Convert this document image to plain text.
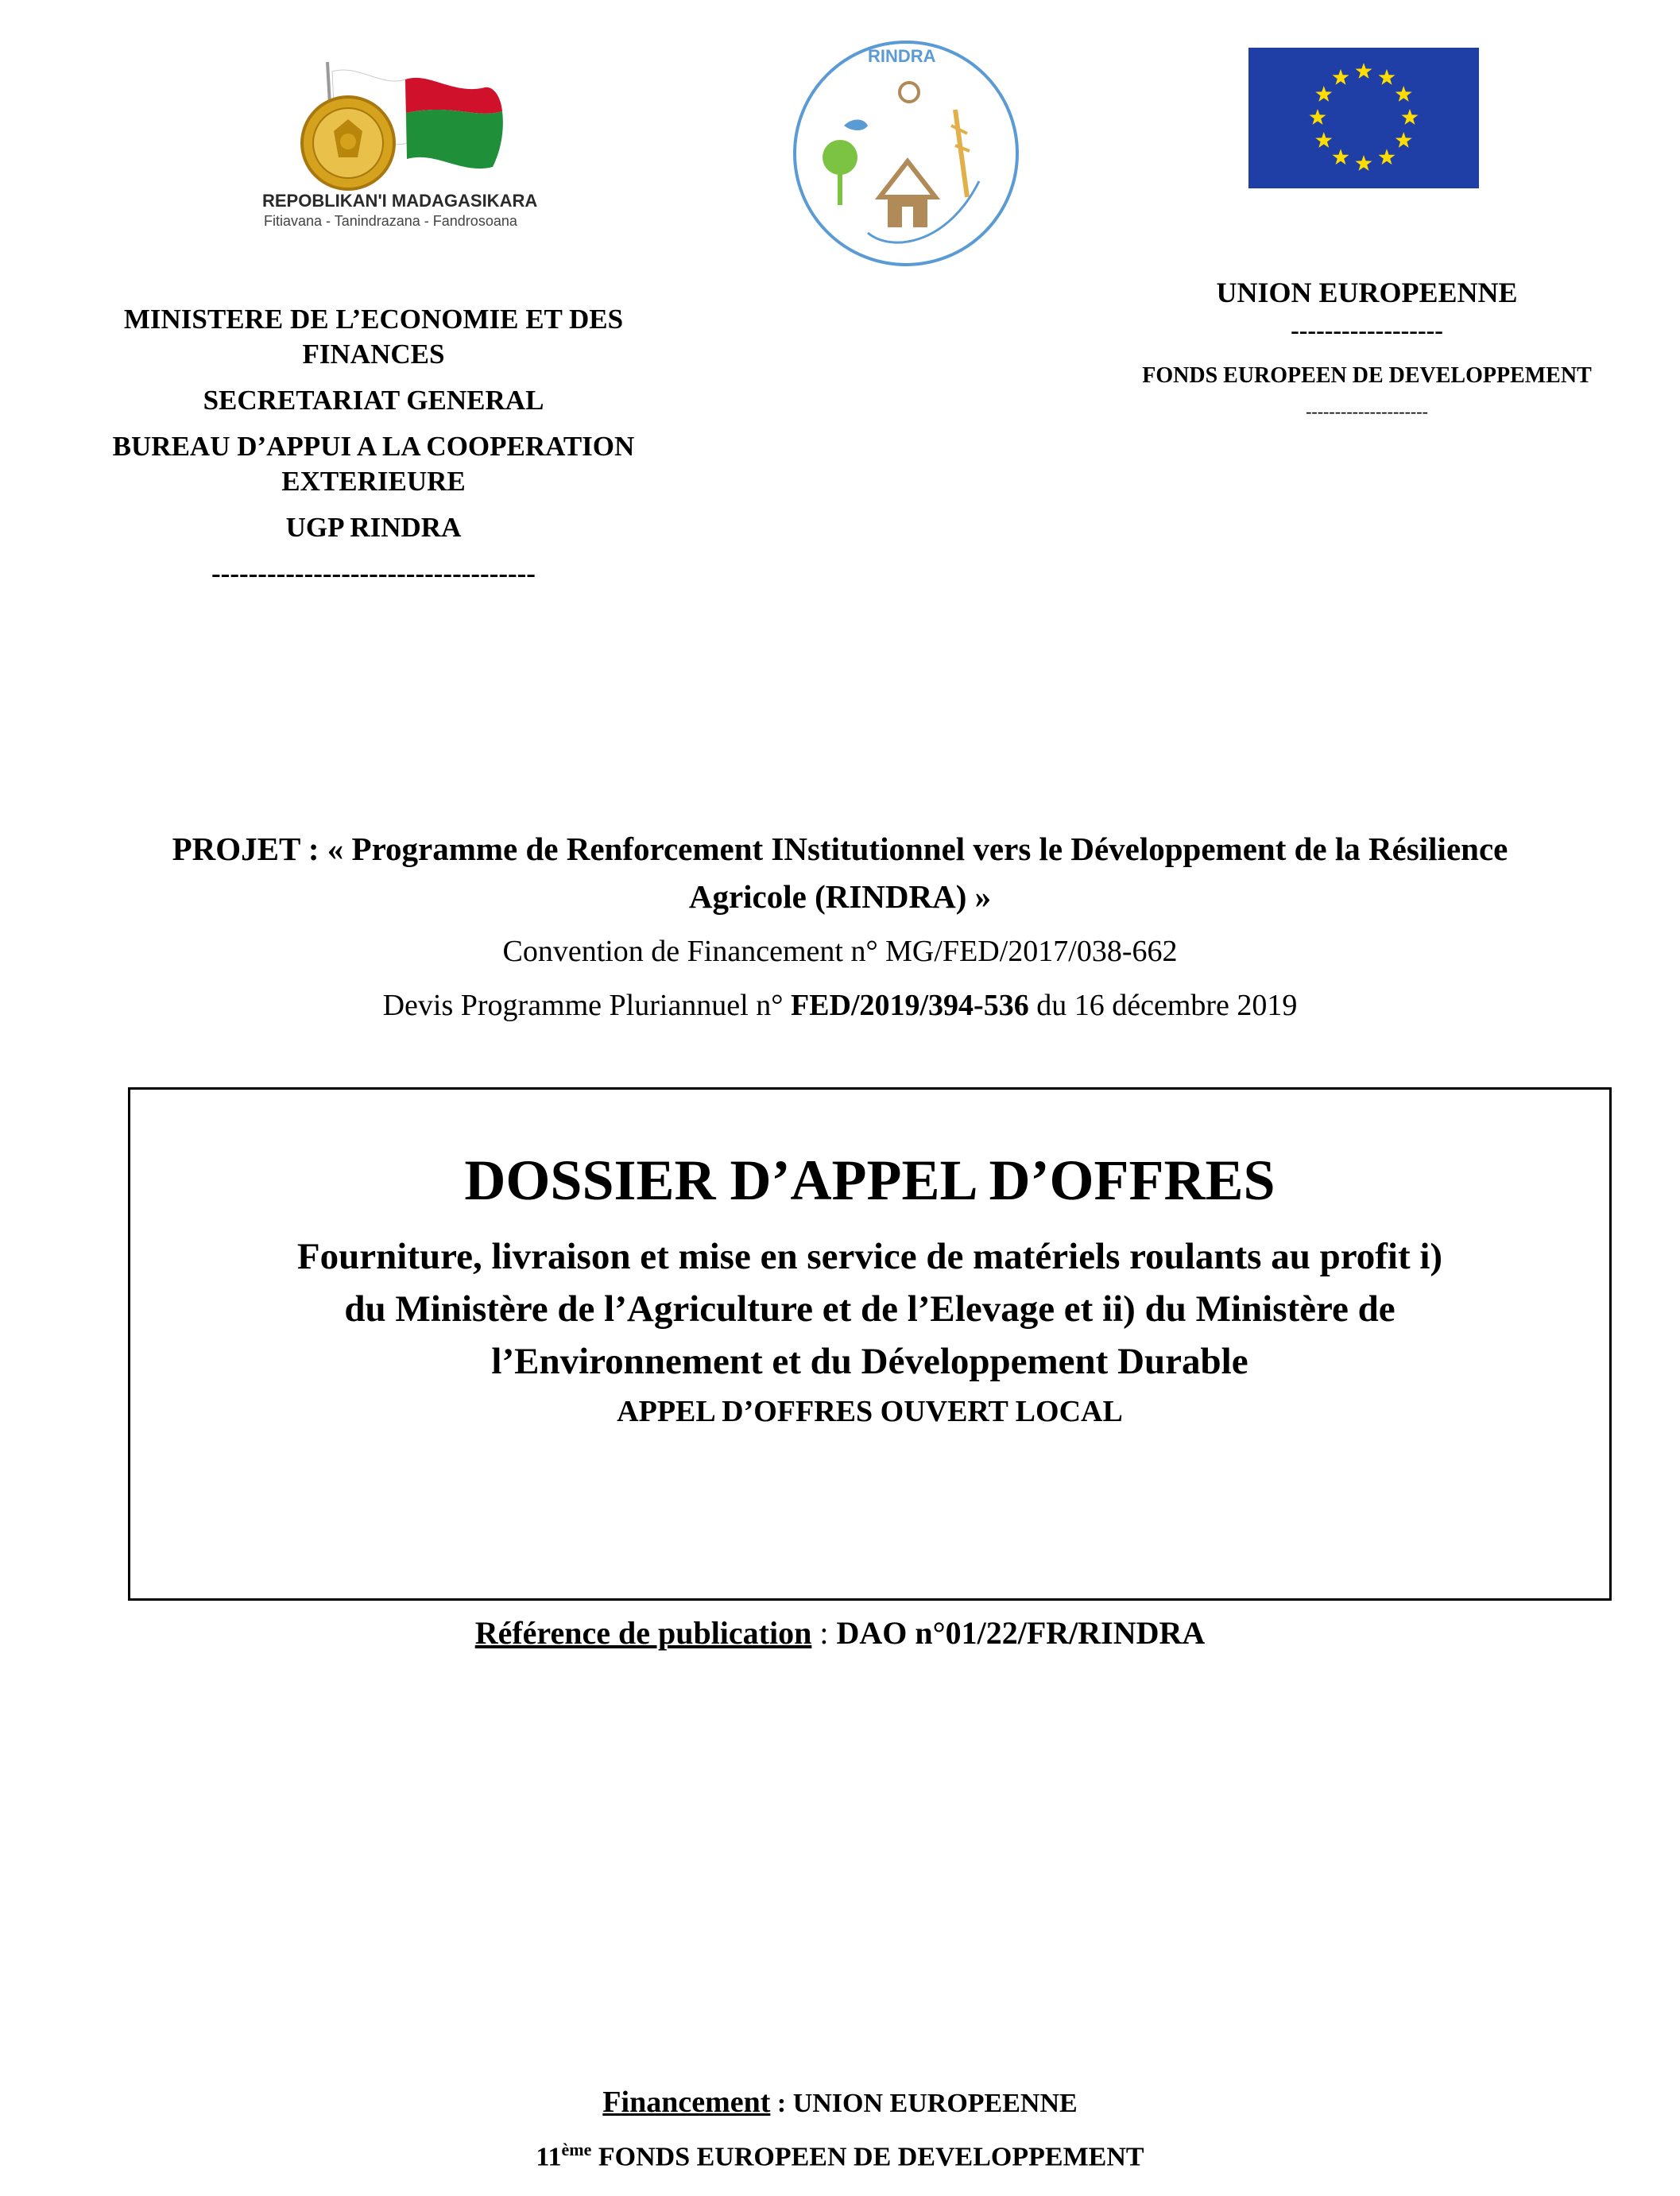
REPOBLIKAN'I MADAGASIKARA
Fitiavana - Tanindrazana - Fandrosoana
RINDRA
MINISTERE DE L’ECONOMIE ET DES
FINANCES
SECRETARIAT GENERAL
BUREAU D’APPUI A LA COOPERATION
EXTERIEURE
UGP RINDRA
-----------------------------------
UNION EUROPEENNE
------------------
FONDS EUROPEEN DE DEVELOPPEMENT
---------------------
PROJET : « Programme de Renforcement INstitutionnel vers le Développement de la Résilience
Agricole (RINDRA) »
Convention de Financement n° MG/FED/2017/038-662
Devis Programme Pluriannuel n° FED/2019/394-536 du 16 décembre 2019
DOSSIER D’APPEL D’OFFRES
Fourniture, livraison et mise en service de matériels roulants au profit i)
du Ministère de l’Agriculture et de l’Elevage et ii) du Ministère de
l’Environnement et du Développement Durable
APPEL D’OFFRES OUVERT LOCAL
Référence de publication : DAO n°01/22/FR/RINDRA
Financement : UNION EUROPEENNE
11ème FONDS EUROPEEN DE DEVELOPPEMENT
